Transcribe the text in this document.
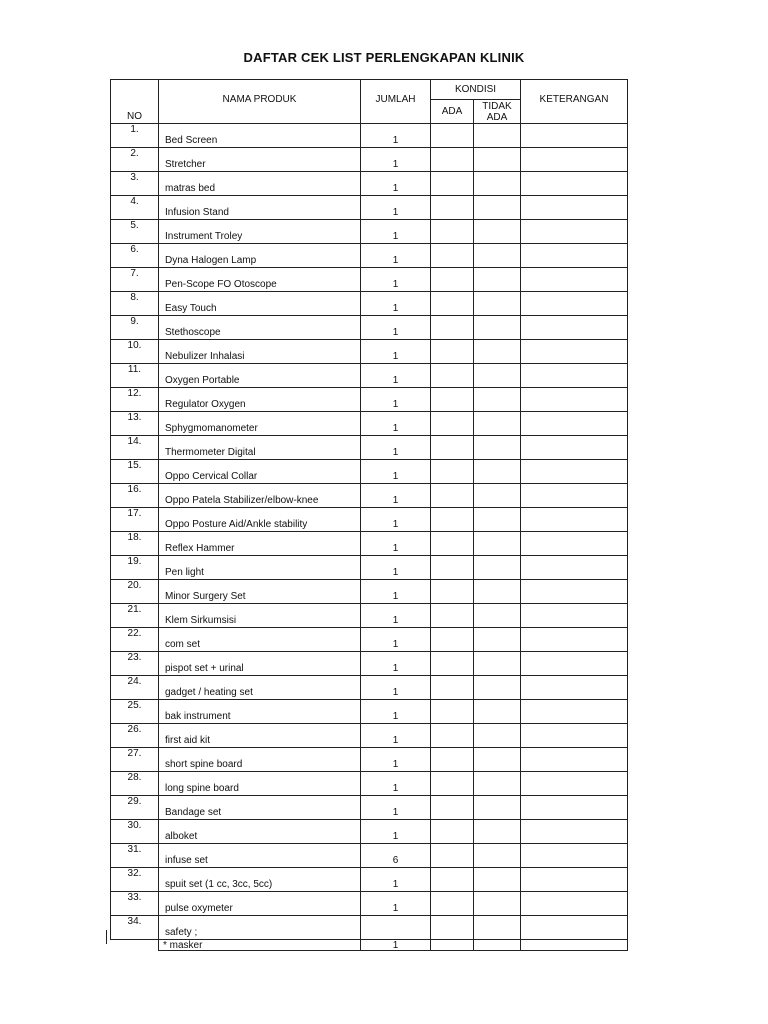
DAFTAR CEK LIST PERLENGKAPAN KLINIK
NO	NAMA PRODUK	JUMLAH	KONDISI		KETERANGAN
			ADA	TIDAK ADA	
1.	Bed Screen	1			

2.	Stretcher	1			

3.	matras bed	1			

4.	Infusion Stand	1			

5.	Instrument Troley	1			

6.	Dyna Halogen Lamp	1			

7.	Pen-Scope FO Otoscope	1			

8.	Easy Touch	1			

9.	Stethoscope	1			

10.	Nebulizer Inhalasi	1			

11.	Oxygen Portable	1			

12.	Regulator Oxygen	1			

13.	Sphygmomanometer	1			

14.	Thermometer Digital	1			

15.	Oppo Cervical Collar	1			

16.	Oppo Patela Stabilizer/elbow-knee	1			

17.	Oppo Posture Aid/Ankle stability	1			

18.	Reflex Hammer	1			

19.	Pen light	1			

20.	Minor Surgery Set	1			

21.	Klem Sirkumsisi	1			

22.	com set	1			

23.	pispot set + urinal	1			

24.	gadget / heating set	1			

25.	bak instrument	1			

26.	first aid kit	1			

27.	short spine board	1			

28.	long spine board	1			

29.	Bandage set	1			

30.	alboket	1			

31.	infuse set	6			

32.	spuit set (1 cc, 3cc, 5cc)	1			

33.	pulse oxymeter	1			

34.	safety ;				

	* masker	1			
